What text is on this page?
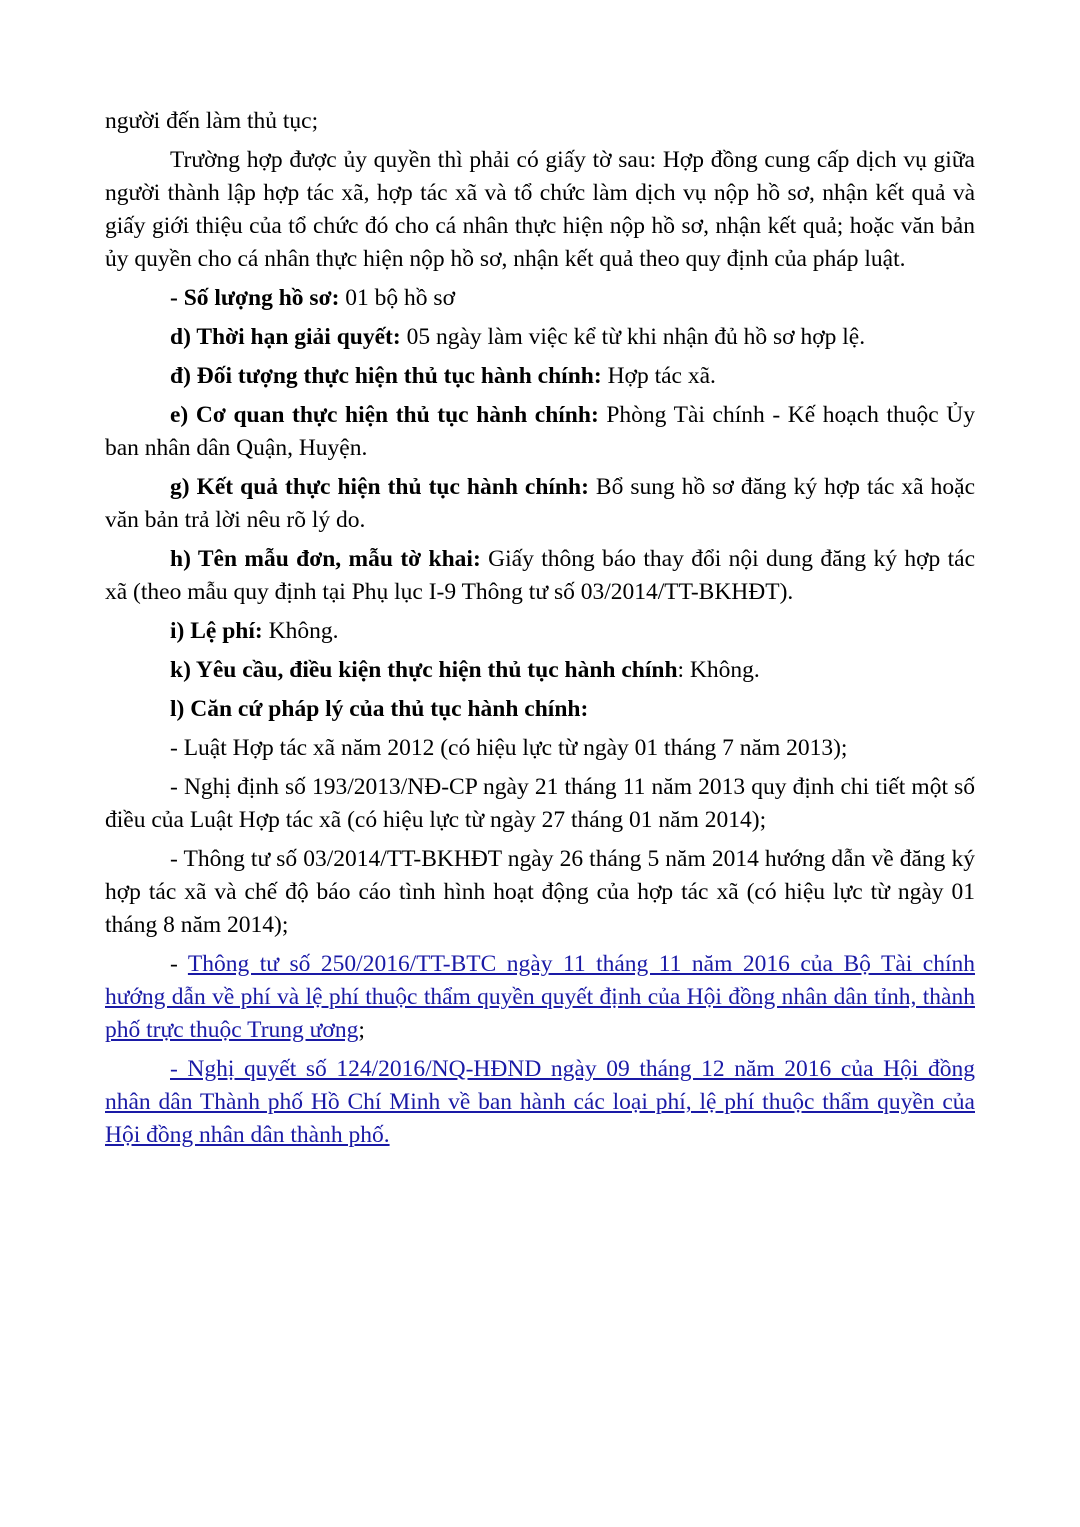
người đến làm thủ tục;

Trường hợp được ủy quyền thì phải có giấy tờ sau: Hợp đồng cung cấp dịch vụ giữa người thành lập hợp tác xã, hợp tác xã và tổ chức làm dịch vụ nộp hồ sơ, nhận kết quả và giấy giới thiệu của tổ chức đó cho cá nhân thực hiện nộp hồ sơ, nhận kết quả; hoặc văn bản ủy quyền cho cá nhân thực hiện nộp hồ sơ, nhận kết quả theo quy định của pháp luật.

- Số lượng hồ sơ: 01 bộ hồ sơ

d) Thời hạn giải quyết: 05 ngày làm việc kể từ khi nhận đủ hồ sơ hợp lệ.

đ) Đối tượng thực hiện thủ tục hành chính: Hợp tác xã.

e) Cơ quan thực hiện thủ tục hành chính: Phòng Tài chính - Kế hoạch thuộc Ủy ban nhân dân Quận, Huyện.

g) Kết quả thực hiện thủ tục hành chính: Bổ sung hồ sơ đăng ký hợp tác xã hoặc văn bản trả lời nêu rõ lý do.

h) Tên mẫu đơn, mẫu tờ khai: Giấy thông báo thay đổi nội dung đăng ký hợp tác xã (theo mẫu quy định tại Phụ lục I-9 Thông tư số 03/2014/TT-BKHĐT).

i) Lệ phí: Không.

k) Yêu cầu, điều kiện thực hiện thủ tục hành chính: Không.

l) Căn cứ pháp lý của thủ tục hành chính:

- Luật Hợp tác xã năm 2012 (có hiệu lực từ ngày 01 tháng 7 năm 2013);

- Nghị định số 193/2013/NĐ-CP ngày 21 tháng 11 năm 2013 quy định chi tiết một số điều của Luật Hợp tác xã (có hiệu lực từ ngày 27 tháng 01 năm 2014);

- Thông tư số 03/2014/TT-BKHĐT ngày 26 tháng 5 năm 2014 hướng dẫn về đăng ký hợp tác xã và chế độ báo cáo tình hình hoạt động của hợp tác xã (có hiệu lực từ ngày 01 tháng 8 năm 2014);

- Thông tư số 250/2016/TT-BTC ngày 11 tháng 11 năm 2016 của Bộ Tài chính hướng dẫn về phí và lệ phí thuộc thẩm quyền quyết định của Hội đồng nhân dân tỉnh, thành phố trực thuộc Trung ương;

- Nghị quyết số 124/2016/NQ-HĐND ngày 09 tháng 12 năm 2016 của Hội đồng nhân dân Thành phố Hồ Chí Minh về ban hành các loại phí, lệ phí thuộc thẩm quyền của Hội đồng nhân dân thành phố.
